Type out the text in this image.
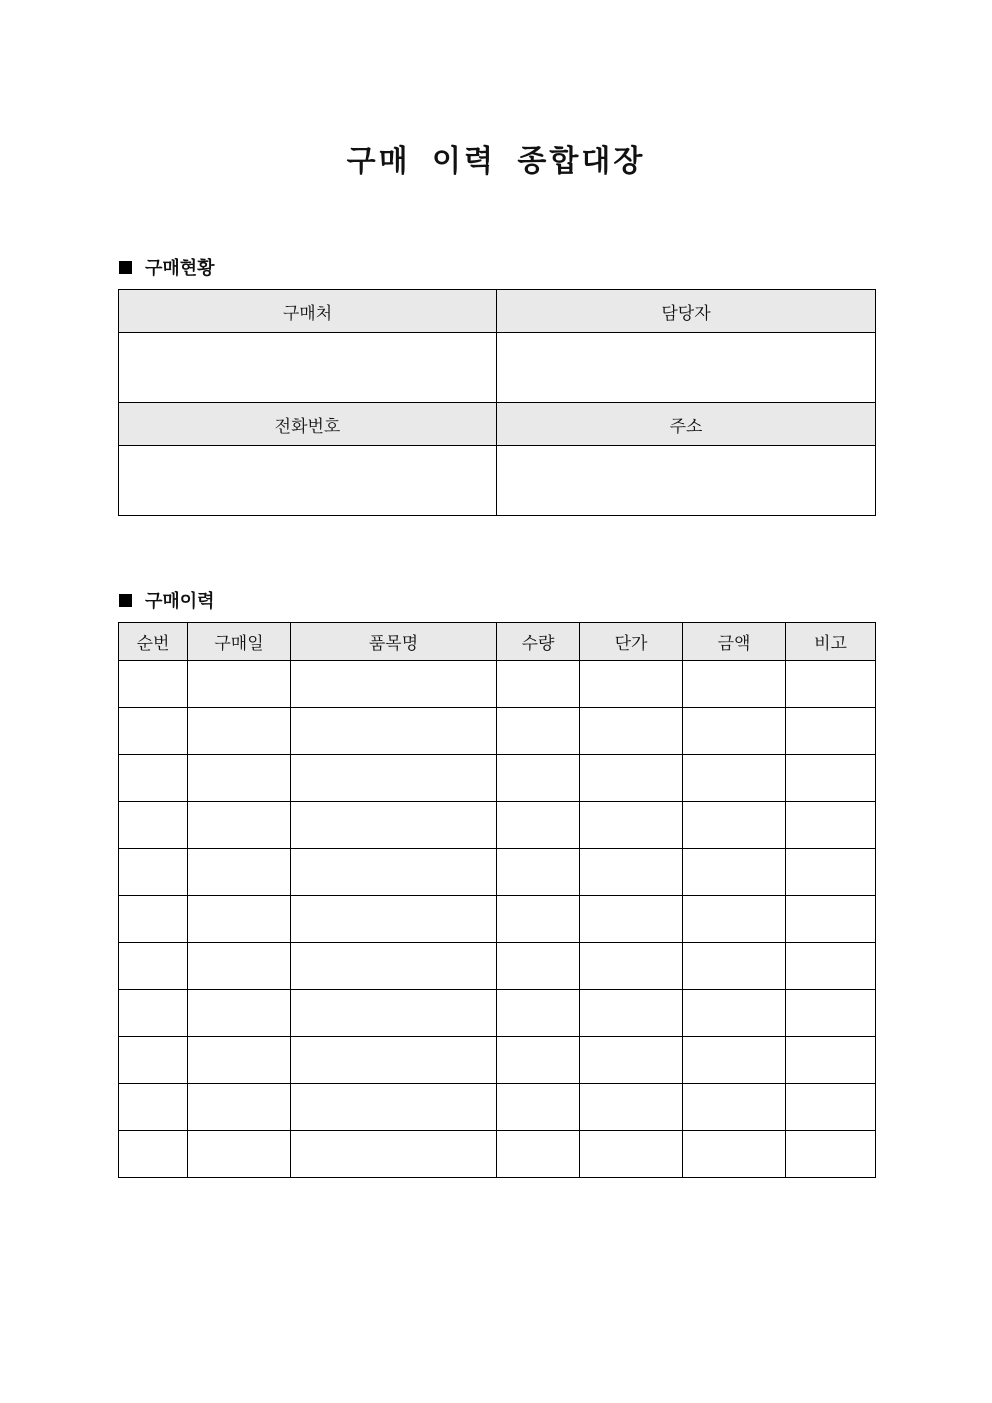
구매 이력 종합대장
구매현황
구매처	담당자

전화번호	주소

구매이력
순번	구매일	품목명	수량	단가	금액	비고
